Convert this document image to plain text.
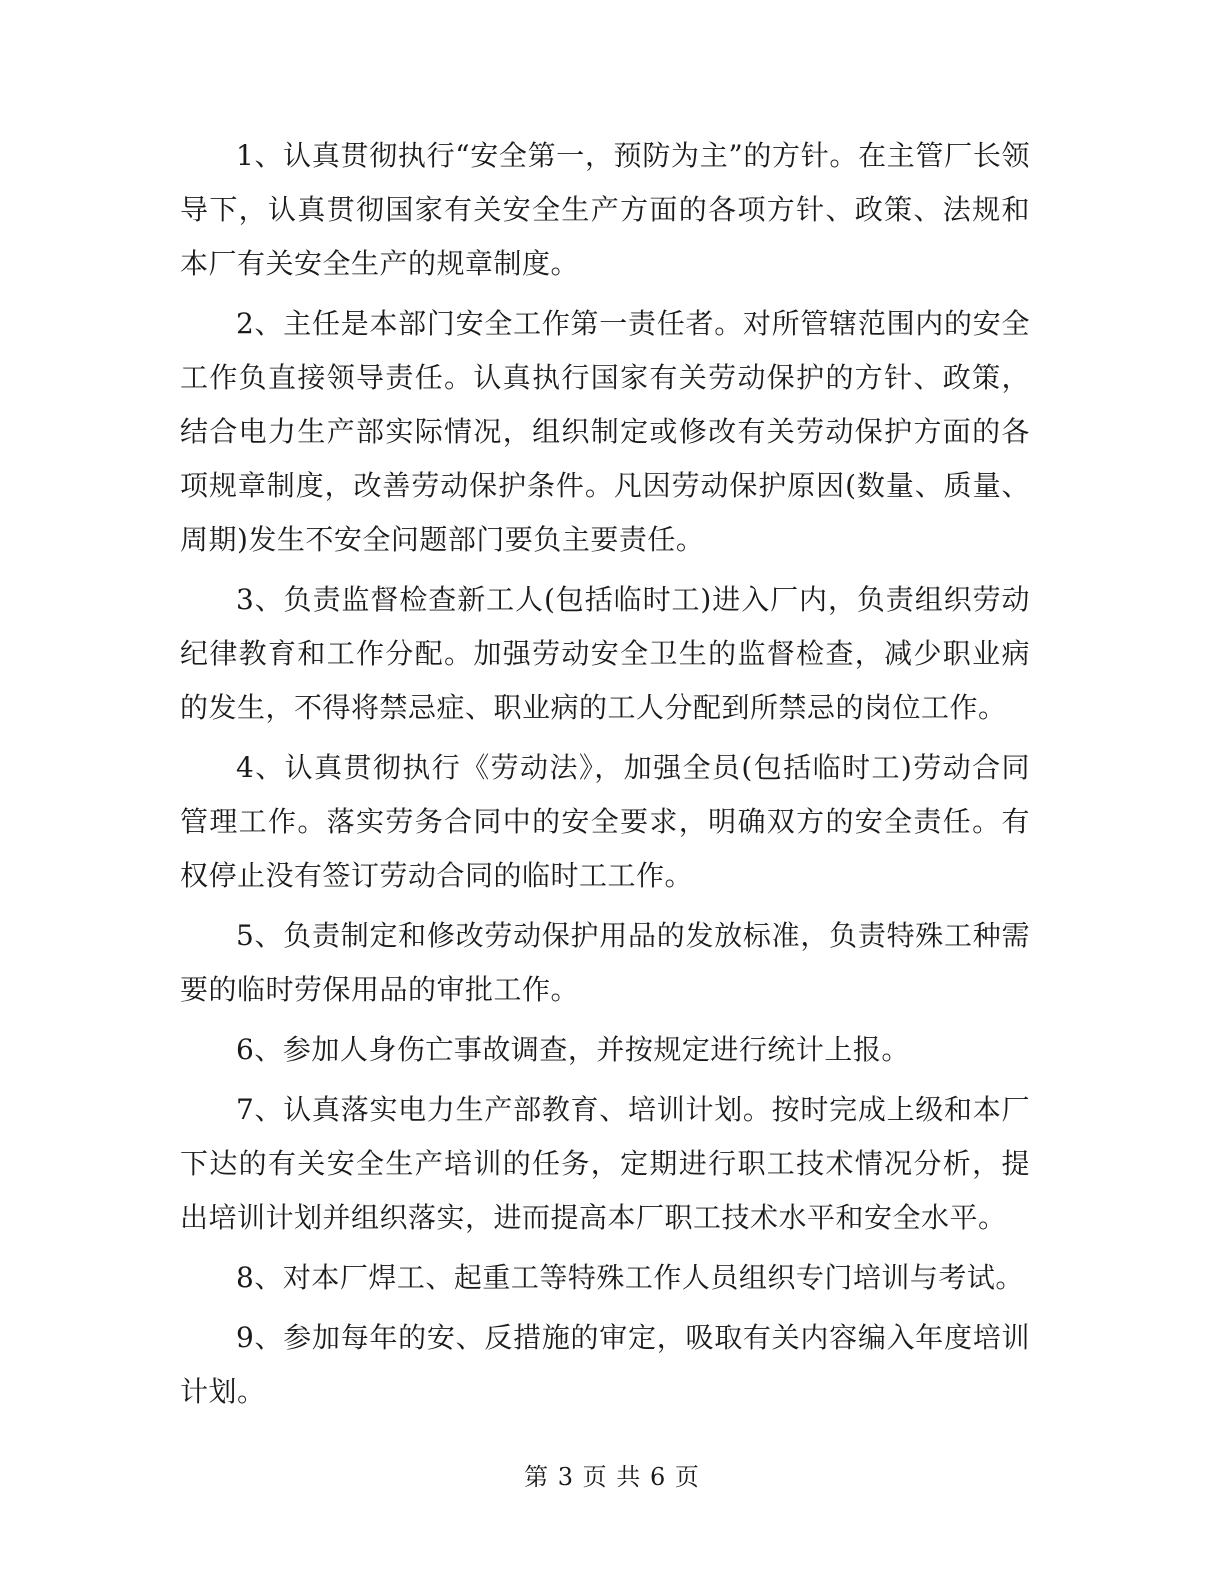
1、认真贯彻执行“安全第一，预防为主”的方针。在主管厂长领导下，认真贯彻国家有关安全生产方面的各项方针、政策、法规和本厂有关安全生产的规章制度。

2、主任是本部门安全工作第一责任者。对所管辖范围内的安全工作负直接领导责任。认真执行国家有关劳动保护的方针、政策，结合电力生产部实际情况，组织制定或修改有关劳动保护方面的各项规章制度，改善劳动保护条件。凡因劳动保护原因(数量、质量、周期)发生不安全问题部门要负主要责任。

3、负责监督检查新工人(包括临时工)进入厂内，负责组织劳动纪律教育和工作分配。加强劳动安全卫生的监督检查，减少职业病的发生，不得将禁忌症、职业病的工人分配到所禁忌的岗位工作。

4、认真贯彻执行《劳动法》，加强全员(包括临时工)劳动合同管理工作。落实劳务合同中的安全要求，明确双方的安全责任。有权停止没有签订劳动合同的临时工工作。

5、负责制定和修改劳动保护用品的发放标准，负责特殊工种需要的临时劳保用品的审批工作。

6、参加人身伤亡事故调查，并按规定进行统计上报。

7、认真落实电力生产部教育、培训计划。按时完成上级和本厂下达的有关安全生产培训的任务，定期进行职工技术情况分析，提出培训计划并组织落实，进而提高本厂职工技术水平和安全水平。

8、对本厂焊工、起重工等特殊工作人员组织专门培训与考试。

9、参加每年的安、反措施的审定，吸取有关内容编入年度培训计划。

第 3 页 共 6 页
